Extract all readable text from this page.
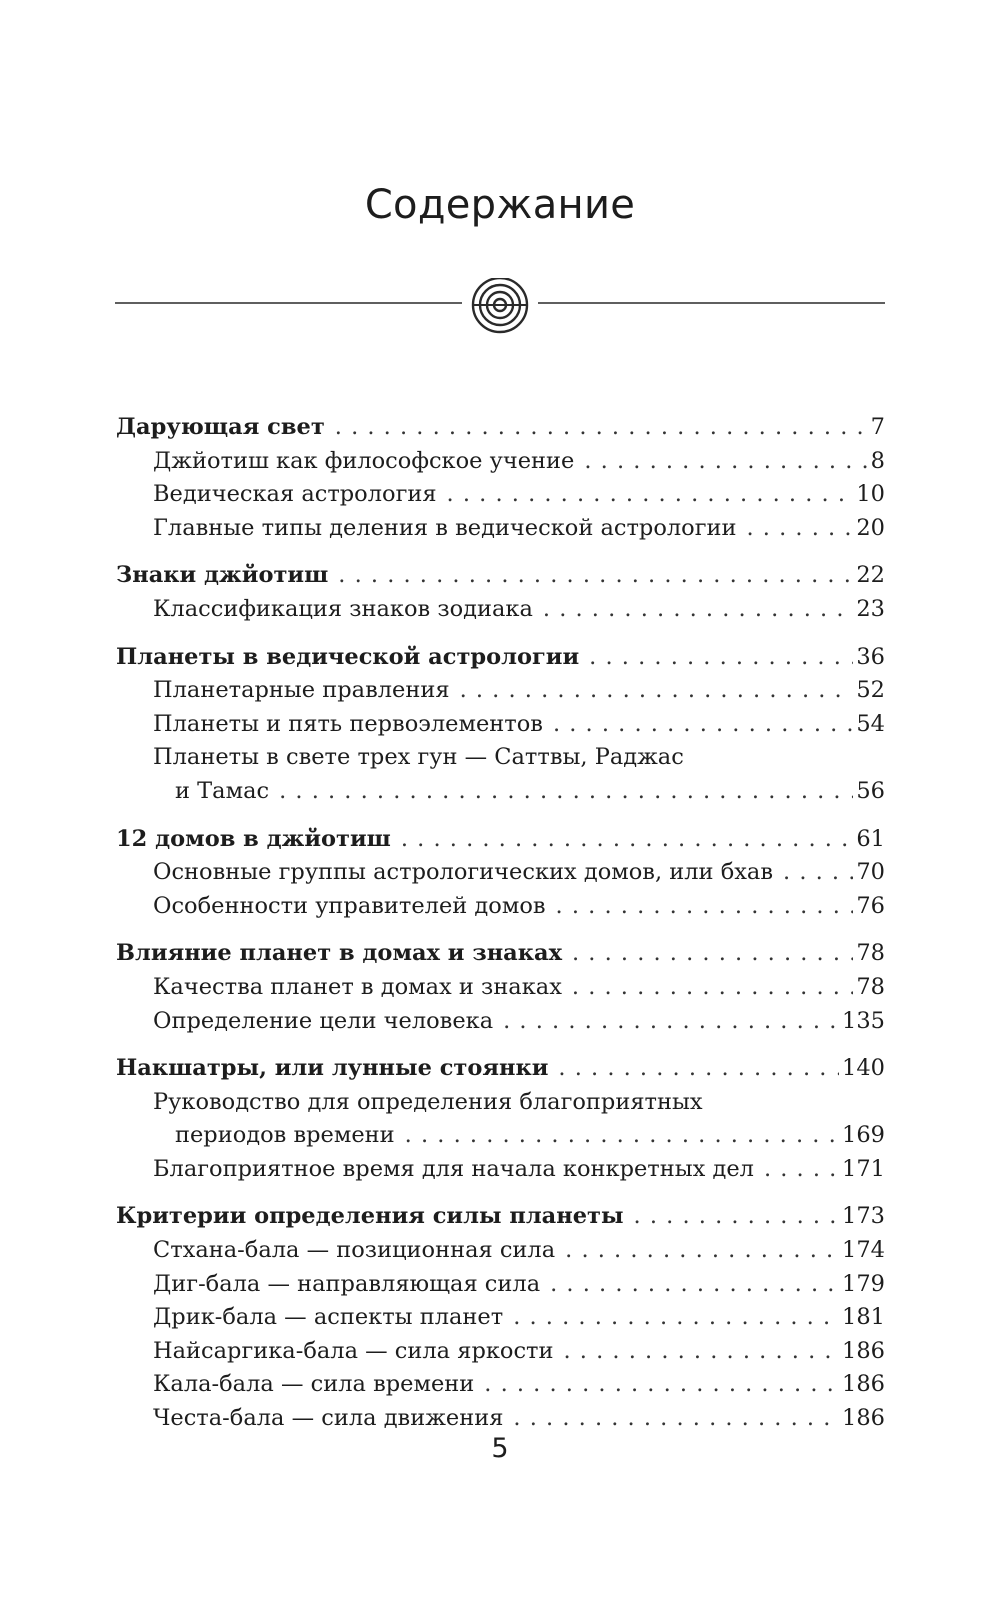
Содержание
Дарующая свет . . .	7
Джйотиш как философское учение . . .	8
Ведическая астрология . . .	10
Главные типы деления в ведической астрологии . . .	20
Знаки джйотиш . . .	22
Классификация знаков зодиака . . .	23
Планеты в ведической астрологии . . .	36
Планетарные правления . . .	52
Планеты и пять первоэлементов . . .	54
Планеты в свете трех гун — Саттвы, Раджас
и Тамас . . .	56
12 домов в джйотиш . . .	61
Основные группы астрологических домов, или бхав . . .	70
Особенности управителей домов . . .	76
Влияние планет в домах и знаках . . .	78
Качества планет в домах и знаках . . .	78
Определение цели человека . . .	135
Накшатры, или лунные стоянки . . .	140
Руководство для определения благоприятных
периодов времени . . .	169
Благоприятное время для начала конкретных дел . . .	171
Критерии определения силы планеты . . .	173
Стхана-бала — позиционная сила . . .	174
Диг-бала — направляющая сила . . .	179
Дрик-бала — аспекты планет . . .	181
Найсаргика-бала — сила яркости . . .	186
Кала-бала — сила времени . . .	186
Честа-бала — сила движения . . .	186
5
